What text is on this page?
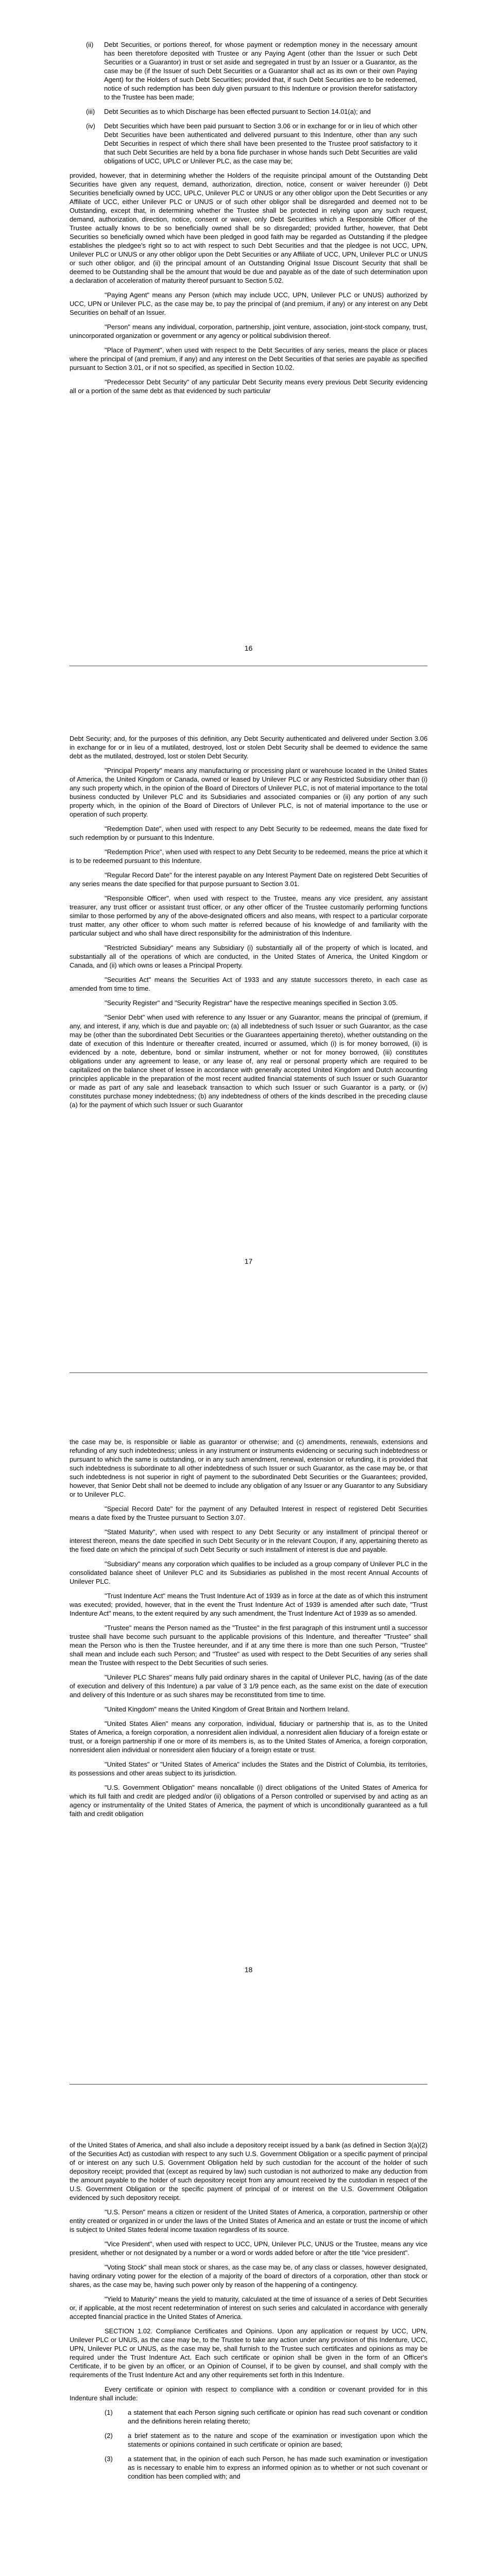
(ii) Debt Securities, or portions thereof, for whose payment or redemption money in the necessary amount has been theretofore deposited with Trustee or any Paying Agent (other than the Issuer or such Debt Securities or a Guarantor) in trust or set aside and segregated in trust by an Issuer or a Guarantor, as the case may be (if the Issuer of such Debt Securities or a Guarantor shall act as its own or their own Paying Agent) for the Holders of such Debt Securities; provided that, if such Debt Securities are to be redeemed, notice of such redemption has been duly given pursuant to this Indenture or provision therefor satisfactory to the Trustee has been made;
(iii) Debt Securities as to which Discharge has been effected pursuant to Section 14.01(a); and
(iv) Debt Securities which have been paid pursuant to Section 3.06 or in exchange for or in lieu of which other Debt Securities have been authenticated and delivered pursuant to this Indenture, other than any such Debt Securities in respect of which there shall have been presented to the Trustee proof satisfactory to it that such Debt Securities are held by a bona fide purchaser in whose hands such Debt Securities are valid obligations of UCC, UPLC or Unilever PLC, as the case may be;

provided, however, that in determining whether the Holders of the requisite principal amount of the Outstanding Debt Securities have given any request, demand, authorization, direction, notice, consent or waiver hereunder (i) Debt Securities beneficially owned by UCC, UPLC, Unilever PLC or UNUS or any other obligor upon the Debt Securities or any Affiliate of UCC, either Unilever PLC or UNUS or of such other obligor shall be disregarded and deemed not to be Outstanding, except that, in determining whether the Trustee shall be protected in relying upon any such request, demand, authorization, direction, notice, consent or waiver, only Debt Securities which a Responsible Officer of the Trustee actually knows to be so beneficially owned shall be so disregarded; provided further, however, that Debt Securities so beneficially owned which have been pledged in good faith may be regarded as Outstanding if the pledgee establishes the pledgee's right so to act with respect to such Debt Securities and that the pledgee is not UCC, UPN, Unilever PLC or UNUS or any other obligor upon the Debt Securities or any Affiliate of UCC, UPN, Unilever PLC or UNUS or such other obligor, and (ii) the principal amount of an Outstanding Original Issue Discount Security that shall be deemed to be Outstanding shall be the amount that would be due and payable as of the date of such determination upon a declaration of acceleration of maturity thereof pursuant to Section 5.02.

"Paying Agent" means any Person (which may include UCC, UPN, Unilever PLC or UNUS) authorized by UCC, UPN or Unilever PLC, as the case may be, to pay the principal of (and premium, if any) or any interest on any Debt Securities on behalf of an Issuer.

"Person" means any individual, corporation, partnership, joint venture, association, joint-stock company, trust, unincorporated organization or government or any agency or political subdivision thereof.

"Place of Payment", when used with respect to the Debt Securities of any series, means the place or places where the principal of (and premium, if any) and any interest on the Debt Securities of that series are payable as specified pursuant to Section 3.01, or if not so specified, as specified in Section 10.02.

"Predecessor Debt Security" of any particular Debt Security means every previous Debt Security evidencing all or a portion of the same debt as that evidenced by such particular

16

Debt Security; and, for the purposes of this definition, any Debt Security authenticated and delivered under Section 3.06 in exchange for or in lieu of a mutilated, destroyed, lost or stolen Debt Security shall be deemed to evidence the same debt as the mutilated, destroyed, lost or stolen Debt Security.

"Principal Property" means any manufacturing or processing plant or warehouse located in the United States of America, the United Kingdom or Canada, owned or leased by Unilever PLC or any Restricted Subsidiary other than (i) any such property which, in the opinion of the Board of Directors of Unilever PLC, is not of material importance to the total business conducted by Unilever PLC and its Subsidiaries and associated companies or (ii) any portion of any such property which, in the opinion of the Board of Directors of Unilever PLC, is not of material importance to the use or operation of such property.

"Redemption Date", when used with respect to any Debt Security to be redeemed, means the date fixed for such redemption by or pursuant to this Indenture.

"Redemption Price", when used with respect to any Debt Security to be redeemed, means the price at which it is to be redeemed pursuant to this Indenture.

"Regular Record Date" for the interest payable on any Interest Payment Date on registered Debt Securities of any series means the date specified for that purpose pursuant to Section 3.01.

"Responsible Officer", when used with respect to the Trustee, means any vice president, any assistant treasurer, any trust officer or assistant trust officer, or any other officer of the Trustee customarily performing functions similar to those performed by any of the above-designated officers and also means, with respect to a particular corporate trust matter, any other officer to whom such matter is referred because of his knowledge of and familiarity with the particular subject and who shall have direct responsibility for the administration of this Indenture.

"Restricted Subsidiary" means any Subsidiary (i) substantially all of the property of which is located, and substantially all of the operations of which are conducted, in the United States of America, the United Kingdom or Canada, and (ii) which owns or leases a Principal Property.

"Securities Act" means the Securities Act of 1933 and any statute successors thereto, in each case as amended from time to time.

"Security Register" and "Security Registrar" have the respective meanings specified in Section 3.05.

"Senior Debt" when used with reference to any Issuer or any Guarantor, means the principal of (premium, if any, and interest, if any, which is due and payable on; (a) all indebtedness of such Issuer or such Guarantor, as the case may be (other than the subordinated Debt Securities or the Guarantees appertaining thereto), whether outstanding on the date of execution of this Indenture or thereafter created, incurred or assumed, which (i) is for money borrowed, (ii) is evidenced by a note, debenture, bond or similar instrument, whether or not for money borrowed, (iii) constitutes obligations under any agreement to lease, or any lease of, any real or personal property which are required to be capitalized on the balance sheet of lessee in accordance with generally accepted United Kingdom and Dutch accounting principles applicable in the preparation of the most recent audited financial statements of such Issuer or such Guarantor or made as part of any sale and leaseback transaction to which such Issuer or such Guarantor is a party, or (iv) constitutes purchase money indebtedness; (b) any indebtedness of others of the kinds described in the preceding clause (a) for the payment of which such Issuer or such Guarantor

17

the case may be, is responsible or liable as guarantor or otherwise; and (c) amendments, renewals, extensions and refunding of any such indebtedness; unless in any instrument or instruments evidencing or securing such indebtedness or pursuant to which the same is outstanding, or in any such amendment, renewal, extension or refunding, it is provided that such indebtedness is subordinate to all other indebtedness of such Issuer or such Guarantor, as the case may be, or that such indebtedness is not superior in right of payment to the subordinated Debt Securities or the Guarantees; provided, however, that Senior Debt shall not be deemed to include any obligation of any Issuer or any Guarantor to any Subsidiary or to Unilever PLC.

"Special Record Date" for the payment of any Defaulted Interest in respect of registered Debt Securities means a date fixed by the Trustee pursuant to Section 3.07.

"Stated Maturity", when used with respect to any Debt Security or any installment of principal thereof or interest thereon, means the date specified in such Debt Security or in the relevant Coupon, if any, appertaining thereto as the fixed date on which the principal of such Debt Security or such installment of interest is due and payable.

"Subsidiary" means any corporation which qualifies to be included as a group company of Unilever PLC in the consolidated balance sheet of Unilever PLC and its Subsidiaries as published in the most recent Annual Accounts of Unilever PLC.

"Trust Indenture Act" means the Trust Indenture Act of 1939 as in force at the date as of which this instrument was executed; provided, however, that in the event the Trust Indenture Act of 1939 is amended after such date, "Trust Indenture Act" means, to the extent required by any such amendment, the Trust Indenture Act of 1939 as so amended.

"Trustee" means the Person named as the "Trustee" in the first paragraph of this instrument until a successor trustee shall have become such pursuant to the applicable provisions of this Indenture, and thereafter "Trustee" shall mean the Person who is then the Trustee hereunder, and if at any time there is more than one such Person, "Trustee" shall mean and include each such Person; and "Trustee" as used with respect to the Debt Securities of any series shall mean the Trustee with respect to the Debt Securities of such series.

"Unilever PLC Shares" means fully paid ordinary shares in the capital of Unilever PLC, having (as of the date of execution and delivery of this Indenture) a par value of 3 1/9 pence each, as the same exist on the date of execution and delivery of this Indenture or as such shares may be reconstituted from time to time.

"United Kingdom" means the United Kingdom of Great Britain and Northern Ireland.

"United States Alien" means any corporation, individual, fiduciary or partnership that is, as to the United States of America, a foreign corporation, a nonresident alien individual, a nonresident alien fiduciary of a foreign estate or trust, or a foreign partnership if one or more of its members is, as to the United States of America, a foreign corporation, nonresident alien individual or nonresident alien fiduciary of a foreign estate or trust.

"United States" or "United States of America" includes the States and the District of Columbia, its territories, its possessions and other areas subject to its jurisdiction.

"U.S. Government Obligation" means noncallable (i) direct obligations of the United States of America for which its full faith and credit are pledged and/or (ii) obligations of a Person controlled or supervised by and acting as an agency or instrumentality of the United States of America, the payment of which is unconditionally guaranteed as a full faith and credit obligation

18

of the United States of America, and shall also include a depository receipt issued by a bank (as defined in Section 3(a)(2) of the Securities Act) as custodian with respect to any such U.S. Government Obligation or a specific payment of principal of or interest on any such U.S. Government Obligation held by such custodian for the account of the holder of such depository receipt; provided that (except as required by law) such custodian is not authorized to make any deduction from the amount payable to the holder of such depository receipt from any amount received by the custodian in respect of the U.S. Government Obligation or the specific payment of principal of or interest on the U.S. Government Obligation evidenced by such depository receipt.

"U.S. Person" means a citizen or resident of the United States of America, a corporation, partnership or other entity created or organized in or under the laws of the United States of America and an estate or trust the income of which is subject to United States federal income taxation regardless of its source.

"Vice President", when used with respect to UCC, UPN, Unilever PLC, UNUS or the Trustee, means any vice president, whether or not designated by a number or a word or words added before or after the title "vice president".

"Voting Stock" shall mean stock or shares, as the case may be, of any class or classes, however designated, having ordinary voting power for the election of a majority of the board of directors of a corporation, other than stock or shares, as the case may be, having such power only by reason of the happening of a contingency.

"Yield to Maturity" means the yield to maturity, calculated at the time of issuance of a series of Debt Securities or, if applicable, at the most recent redetermination of interest on such series and calculated in accordance with generally accepted financial practice in the United States of America.

SECTION 1.02. Compliance Certificates and Opinions. Upon any application or request by UCC, UPN, Unilever PLC or UNUS, as the case may be, to the Trustee to take any action under any provision of this Indenture, UCC, UPN, Unilever PLC or UNUS, as the case may be, shall furnish to the Trustee such certificates and opinions as may be required under the Trust Indenture Act. Each such certificate or opinion shall be given in the form of an Officer's Certificate, if to be given by an officer, or an Opinion of Counsel, if to be given by counsel, and shall comply with the requirements of the Trust Indenture Act and any other requirements set forth in this Indenture.

Every certificate or opinion with respect to compliance with a condition or covenant provided for in this Indenture shall include:

(1) a statement that each Person signing such certificate or opinion has read such covenant or condition and the definitions herein relating thereto;
(2) a brief statement as to the nature and scope of the examination or investigation upon which the statements or opinions contained in such certificate or opinion are based;
(3) a statement that, in the opinion of each such Person, he has made such examination or investigation as is necessary to enable him to express an informed opinion as to whether or not such covenant or condition has been complied with; and
